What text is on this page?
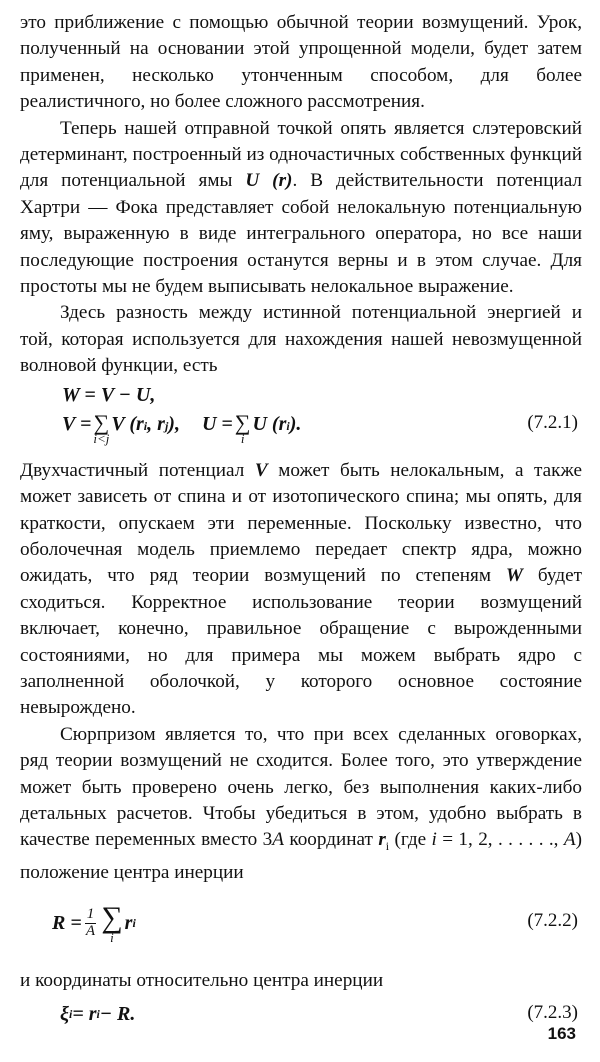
это приближение с помощью обычной теории возмущений. Урок, полученный на основании этой упрощенной модели, будет затем применен, несколько утонченным способом, для более реалистичного, но более сложного рассмотрения.

Теперь нашей отправной точкой опять является слэтеровский детерминант, построенный из одночастичных собственных функций для потенциальной ямы U (r). В действительности потенциал Хартри — Фока представляет собой нелокальную потенциальную яму, выраженную в виде интегрального оператора, но все наши последующие построения останутся верны и в этом случае. Для простоты мы не будем выписывать нелокальное выражение.

Здесь разность между истинной потенциальной энергией и той, которая используется для нахождения нашей невозмущенной волновой функции, есть

W = V − U,
V = ∑
i<j
V (r i , r j ), U = ∑
i
U (r i ).	(7.2.1)

Двухчастичный потенциал V может быть нелокальным, а также может зависеть от спина и от изотопического спина; мы опять, для краткости, опускаем эти переменные. Поскольку известно, что оболочечная модель приемлемо передает спектр ядра, можно ожидать, что ряд теории возмущений по степеням W будет сходиться. Корректное использование теории возмущений включает, конечно, правильное обращение с вырожденными состояниями, но для примера мы можем выбрать ядро с заполненной оболочкой, у которого основное состояние невырождено.

Сюрпризом является то, что при всех сделанных оговорках, ряд теории возмущений не сходится. Более того, это утверждение может быть проверено очень легко, без выполнения каких-либо детальных расчетов. Чтобы убедиться в этом, удобно выбрать в качестве переменных вместо 3A координат $r_i$ (где i = 1, 2, . . . . . ., A) положение центра инерции

$R = \frac{1}{A}$ ∑
i
r i	(7.2.2)

и координаты относительно центра инерции

ξ i = r i − R.	(7.2.3)
163
